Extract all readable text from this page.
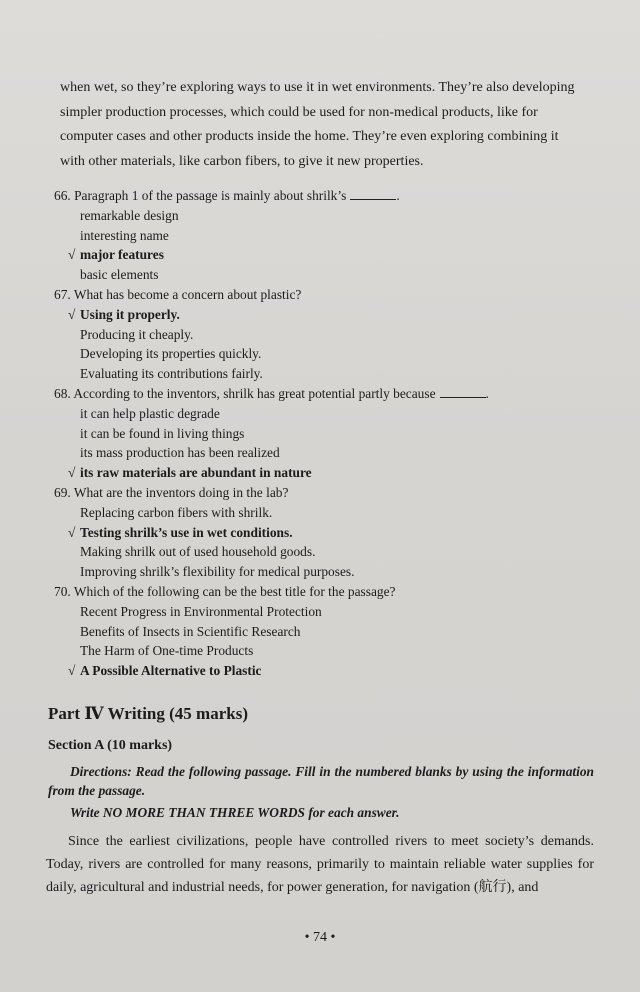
when wet, so they’re exploring ways to use it in wet environments. They’re also developing

simpler production processes, which could be used for non-medical products, like for

computer cases and other products inside the home. They’re even exploring combining it

with other materials, like carbon fibers, to give it new properties.

66. Paragraph 1 of the passage is mainly about shrilk’s	.

remarkable design

interesting name

√ major features

basic elements

67. What has become a concern about plastic?

√ Using it properly.

Producing it cheaply.

Developing its properties quickly.

Evaluating its contributions fairly.

68. According to the inventors, shrilk has great potential partly because	.

it can help plastic degrade

it can be found in living things

its mass production has been realized

√ its raw materials are abundant in nature

69. What are the inventors doing in the lab?

Replacing carbon fibers with shrilk.

√ Testing shrilk’s use in wet conditions.

Making shrilk out of used household goods.

Improving shrilk’s flexibility for medical purposes.

70. Which of the following can be the best title for the passage?

Recent Progress in Environmental Protection

Benefits of Insects in Scientific Research

The Harm of One-time Products

√ A Possible Alternative to Plastic

Part Ⅳ Writing (45 marks)
Section A (10 marks)

Directions: Read the following passage. Fill in the numbered blanks by using the information from the passage.

Write NO MORE THAN THREE WORDS for each answer.

Since the earliest civilizations, people have controlled rivers to meet society’s demands. Today, rivers are controlled for many reasons, primarily to maintain reliable water supplies for daily, agricultural and industrial needs, for power generation, for navigation (航行), and

• 74 •
